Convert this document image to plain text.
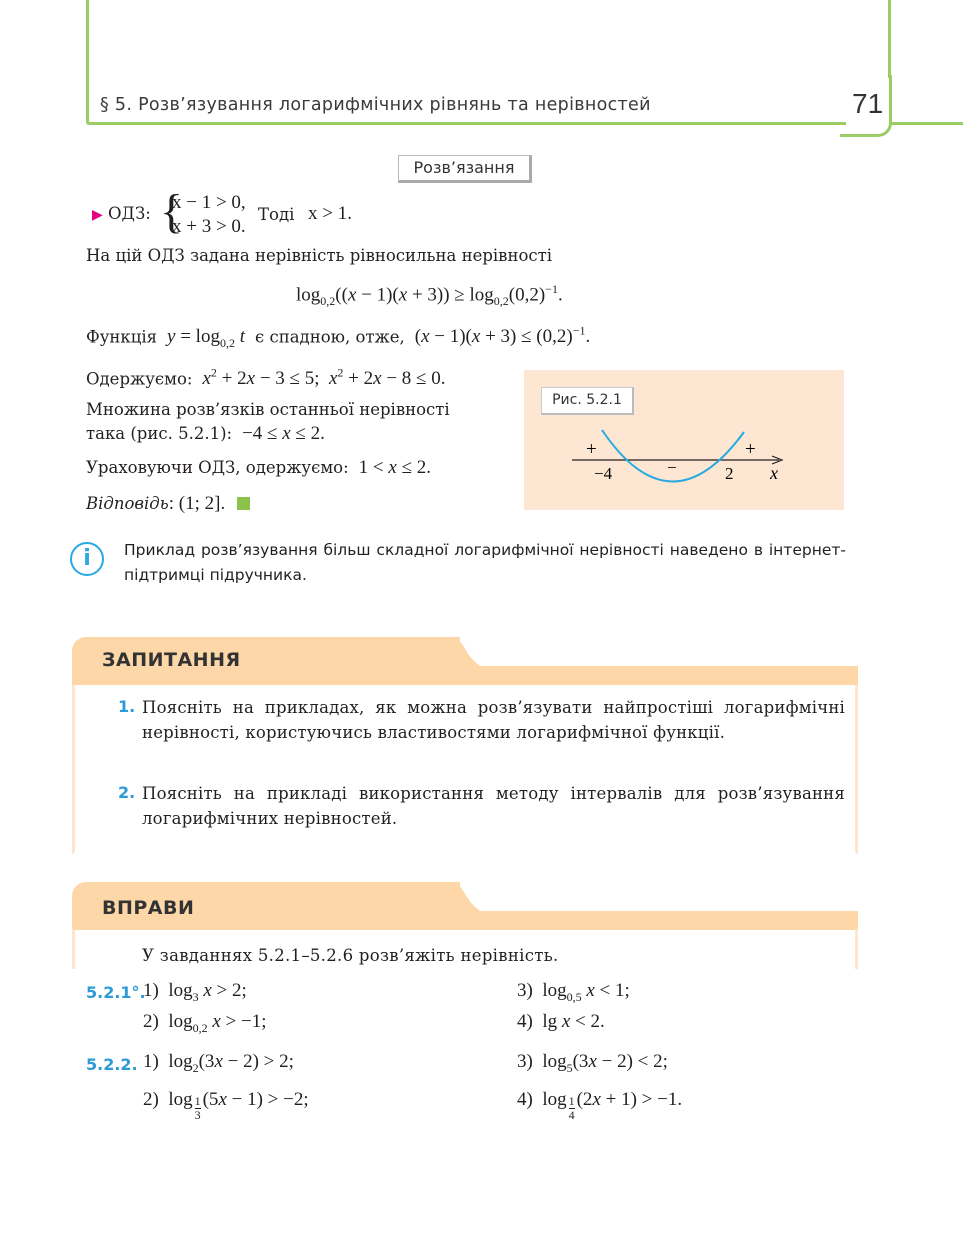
§ 5. Розв’язування логарифмічних рівнянь та нерівностей	71
Розв’язання
▶ ОДЗ: {
x − 1 > 0,
x + 3 > 0.
Тоді x > 1.
На цій ОДЗ задана нерівність рівносильна нерівності
$\log_{0,2}((x - 1)(x + 3)) \ge \log_{0,2}(0,2)^{-1}$.
Функція $y = \log_{0,2} t$ є спадною, отже,  $(x - 1)(x + 3) \le (0,2)^{-1}$.
Одержуємо: $x^2 + 2x - 3 \le 5$;  $x^2 + 2x - 8 \le 0$.
Множина розв’язків останньої нерівності
така (рис. 5.2.1):  −4 ≤ x ≤ 2.
Ураховуючи ОДЗ, одержуємо:  1 < x ≤ 2.
Відповідь: (1; 2].
Рис. 5.2.1
+	+
−
−4	2 x
i	Приклад розв’язування більш складної логарифмічної нерівності наведено в інтернет-підтримці підручника.
ЗАПИТАННЯ
1. Поясніть на прикладах, як можна розв’язувати найпростіші логарифмічні нерівності, користуючись властивостями логарифмічної функції.
2. Поясніть на прикладі використання методу інтервалів для розв’язування логарифмічних нерівностей.
ВПРАВИ
У завданнях 5.2.1–5.2.6 розв’яжіть нерівність.
5.2.1°.
1)  $\log_3 x > 2$;	3)  $\log_{0,5} x < 1$;
2)  $\log_{0,2} x > -1$;	4)  lg x < 2.
5.2.2. 1)  $\log_2(3x - 2) > 2$;	3)  $\log_5(3x - 2) < 2$;
2)  $\log \frac{1}{3} (5x - 1) > -2$;	4)  $\log \frac{1}{4} (2x + 1) > -1$.
